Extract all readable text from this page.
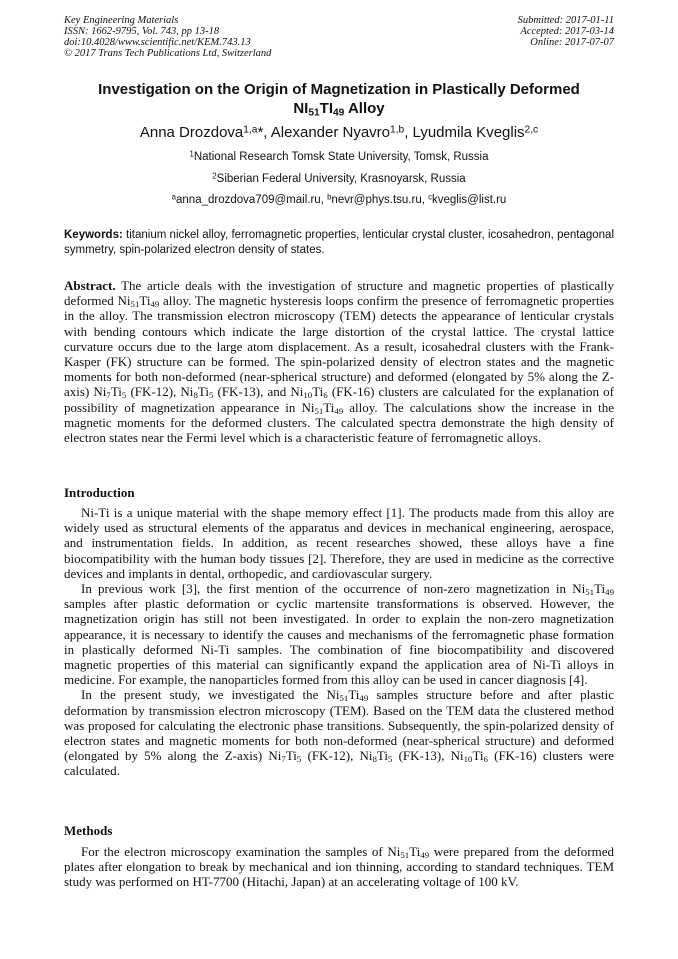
Key Engineering Materials
ISSN: 1662-9795, Vol. 743, pp 13-18
doi:10.4028/www.scientific.net/KEM.743.13
© 2017 Trans Tech Publications Ltd, Switzerland
Submitted: 2017-01-11
Accepted: 2017-03-14
Online: 2017-07-07
Investigation on the Origin of Magnetization in Plastically Deformed
$NI_{51}TI_{49}$ Alloy
Anna Drozdova$^{1,a}$*, Alexander Nyavro$^{1,b}$, Lyudmila Kveglis$^{2,c}$
$^1$National Research Tomsk State University, Tomsk, Russia
$^2$Siberian Federal University, Krasnoyarsk, Russia
$^a$anna_drozdova709@mail.ru, $^b$nevr@phys.tsu.ru, $^c$kveglis@list.ru
Keywords: titanium nickel alloy, ferromagnetic properties, lenticular crystal cluster, icosahedron, pentagonal symmetry, spin-polarized electron density of states.
Abstract. The article deals with the investigation of structure and magnetic properties of plastically deformed $Ni_{51}Ti_{49}$ alloy. The magnetic hysteresis loops confirm the presence of ferromagnetic properties in the alloy. The transmission electron microscopy (TEM) detects the appearance of lenticular crystals with bending contours which indicate the large distortion of the crystal lattice. The crystal lattice curvature occurs due to the large atom displacement. As a result, icosahedral clusters with the Frank-Kasper (FK) structure can be formed. The spin-polarized density of electron states and the magnetic moments for both non-deformed (near-spherical structure) and deformed (elongated by 5% along the Z-axis) $Ni_7Ti_5$ (FK-12), $Ni_8Ti_5$ (FK-13), and $Ni_{10}Ti_6$ (FK-16) clusters are calculated for the explanation of possibility of magnetization appearance in $Ni_{51}Ti_{49}$ alloy. The calculations show the increase in the magnetic moments for the deformed clusters. The calculated spectra demonstrate the high density of electron states near the Fermi level which is a characteristic feature of ferromagnetic alloys.
Introduction

Ni-Ti is a unique material with the shape memory effect [1]. The products made from this alloy are widely used as structural elements of the apparatus and devices in mechanical engineering, aerospace, and instrumentation fields. In addition, as recent researches showed, these alloys have a fine biocompatibility with the human body tissues [2]. Therefore, they are used in medicine as the corrective devices and implants in dental, orthopedic, and cardiovascular surgery.

In previous work [3], the first mention of the occurrence of non-zero magnetization in $Ni_{51}Ti_{49}$ samples after plastic deformation or cyclic martensite transformations is observed. However, the magnetization origin has still not been investigated. In order to explain the non-zero magnetization appearance, it is necessary to identify the causes and mechanisms of the ferromagnetic phase formation in plastically deformed Ni-Ti samples. The combination of fine biocompatibility and discovered magnetic properties of this material can significantly expand the application area of Ni-Ti alloys in medicine. For example, the nanoparticles formed from this alloy can be used in cancer diagnosis [4].

In the present study, we investigated the $Ni_{51}Ti_{49}$ samples structure before and after plastic deformation by transmission electron microscopy (TEM). Based on the TEM data the clustered method was proposed for calculating the electronic phase transitions. Subsequently, the spin-polarized density of electron states and magnetic moments for both non-deformed (near-spherical structure) and deformed (elongated by 5% along the Z-axis) $Ni_7Ti_5$ (FK-12), $Ni_8Ti_5$ (FK-13), $Ni_{10}Ti_6$ (FK-16) clusters were calculated.

Methods

For the electron microscopy examination the samples of $Ni_{51}Ti_{49}$ were prepared from the deformed plates after elongation to break by mechanical and ion thinning, according to standard techniques. TEM study was performed on HT-7700 (Hitachi, Japan) at an accelerating voltage of 100 kV.
